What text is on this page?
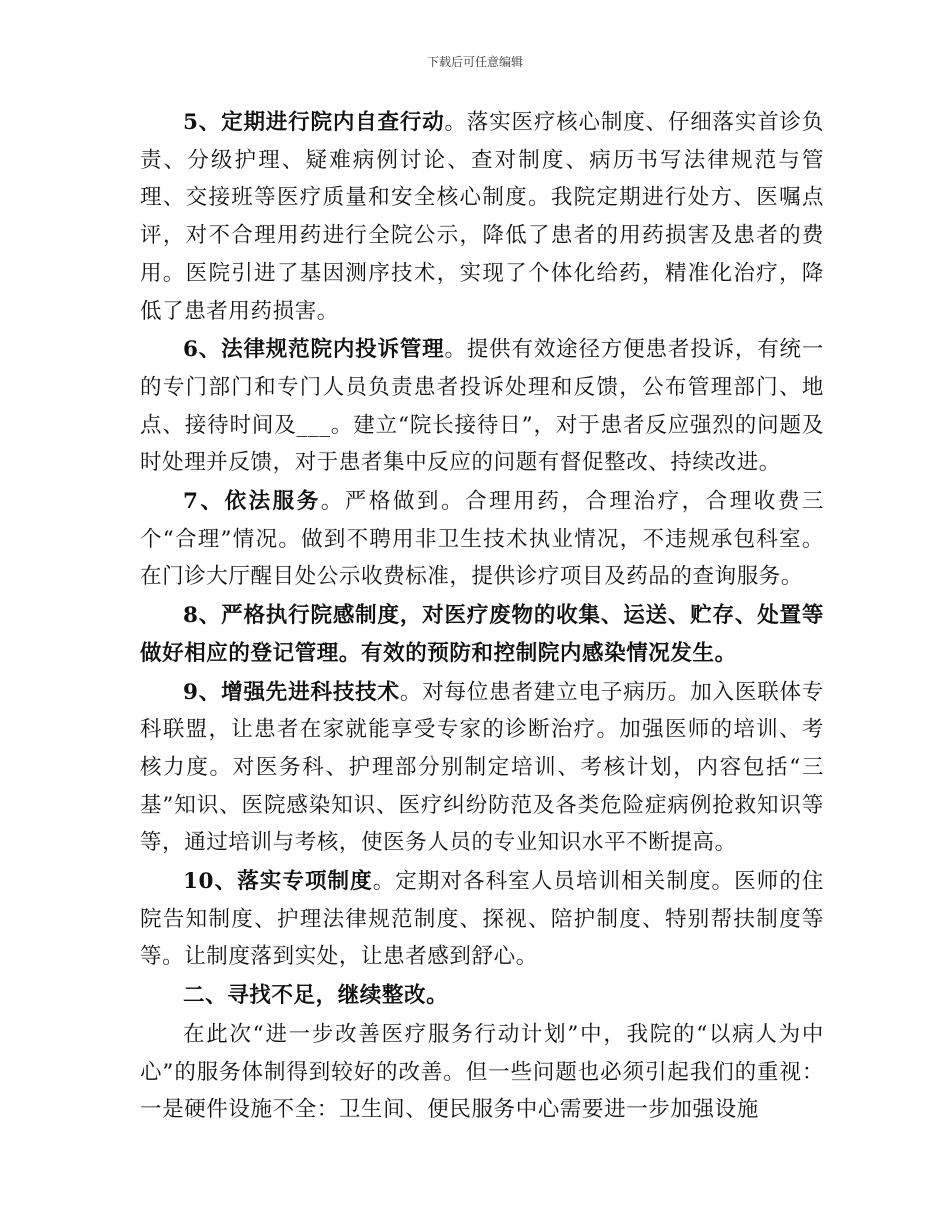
下载后可任意编辑

5、定期进行院内自查行动。落实医疗核心制度、仔细落实首诊负责、分级护理、疑难病例讨论、查对制度、病历书写法律规范与管理、交接班等医疗质量和安全核心制度。我院定期进行处方、医嘱点评，对不合理用药进行全院公示，降低了患者的用药损害及患者的费用。医院引进了基因测序技术，实现了个体化给药，精准化治疗，降低了患者用药损害。

6、法律规范院内投诉管理。提供有效途径方便患者投诉，有统一的专门部门和专门人员负责患者投诉处理和反馈，公布管理部门、地点、接待时间及___。建立“院长接待日”，对于患者反应强烈的问题及时处理并反馈，对于患者集中反应的问题有督促整改、持续改进。

7、依法服务。严格做到。合理用药，合理治疗，合理收费三个“合理”情况。做到不聘用非卫生技术执业情况，不违规承包科室。在门诊大厅醒目处公示收费标准，提供诊疗项目及药品的查询服务。

8、严格执行院感制度，对医疗废物的收集、运送、贮存、处置等做好相应的登记管理。有效的预防和控制院内感染情况发生。

9、增强先进科技技术。对每位患者建立电子病历。加入医联体专科联盟，让患者在家就能享受专家的诊断治疗。加强医师的培训、考核力度。对医务科、护理部分别制定培训、考核计划，内容包括“三基”知识、医院感染知识、医疗纠纷防范及各类危险症病例抢救知识等等，通过培训与考核，使医务人员的专业知识水平不断提高。

10、落实专项制度。定期对各科室人员培训相关制度。医师的住院告知制度、护理法律规范制度、探视、陪护制度、特别帮扶制度等等。让制度落到实处，让患者感到舒心。

二、寻找不足，继续整改。

在此次“进一步改善医疗服务行动计划”中，我院的“以病人为中心”的服务体制得到较好的改善。但一些问题也必须引起我们的重视：一是硬件设施不全：卫生间、便民服务中心需要进一步加强设施
